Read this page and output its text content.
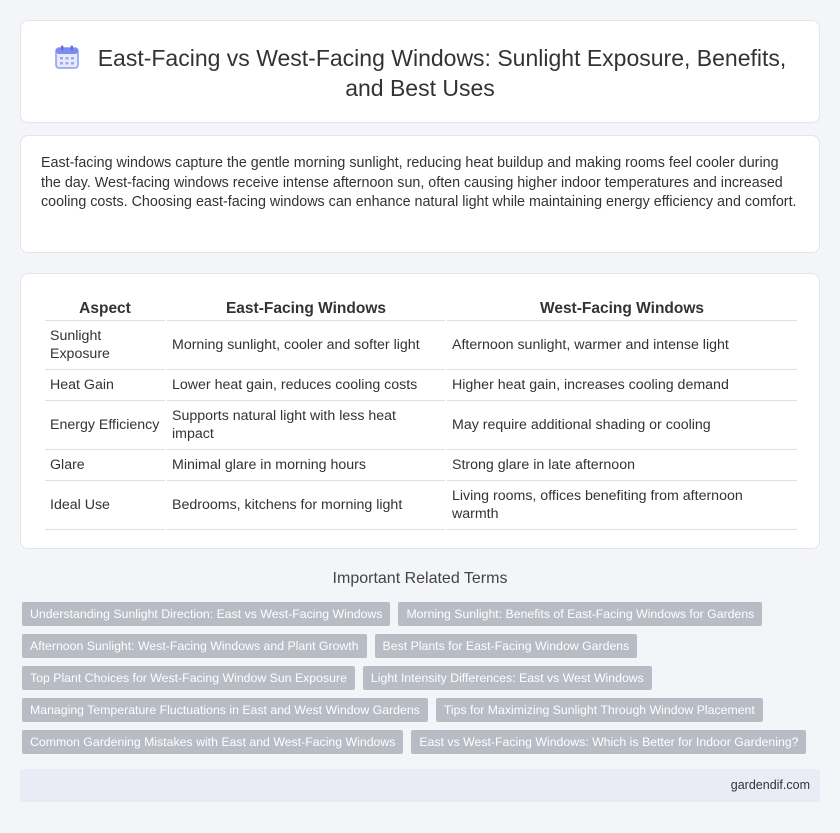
East-Facing vs West-Facing Windows: Sunlight Exposure, Benefits, and Best Uses

East-facing windows capture the gentle morning sunlight, reducing heat buildup and making rooms feel cooler during the day. West-facing windows receive intense afternoon sun, often causing higher indoor temperatures and increased cooling costs. Choosing east-facing windows can enhance natural light while maintaining energy efficiency and comfort.

Aspect	East-Facing Windows	West-Facing Windows
Sunlight Exposure	Morning sunlight, cooler and softer light	Afternoon sunlight, warmer and intense light
Heat Gain	Lower heat gain, reduces cooling costs	Higher heat gain, increases cooling demand
Energy Efficiency	Supports natural light with less heat impact	May require additional shading or cooling
Glare	Minimal glare in morning hours	Strong glare in late afternoon
Ideal Use	Bedrooms, kitchens for morning light	Living rooms, offices benefiting from afternoon warmth
Important Related Terms
Understanding Sunlight Direction: East vs West-Facing Windows	Morning Sunlight: Benefits of East-Facing Windows for Gardens
Afternoon Sunlight: West-Facing Windows and Plant Growth	Best Plants for East-Facing Window Gardens
Top Plant Choices for West-Facing Window Sun Exposure	Light Intensity Differences: East vs West Windows
Managing Temperature Fluctuations in East and West Window Gardens	Tips for Maximizing Sunlight Through Window Placement
Common Gardening Mistakes with East and West-Facing Windows	East vs West-Facing Windows: Which is Better for Indoor Gardening?
gardendif.com
